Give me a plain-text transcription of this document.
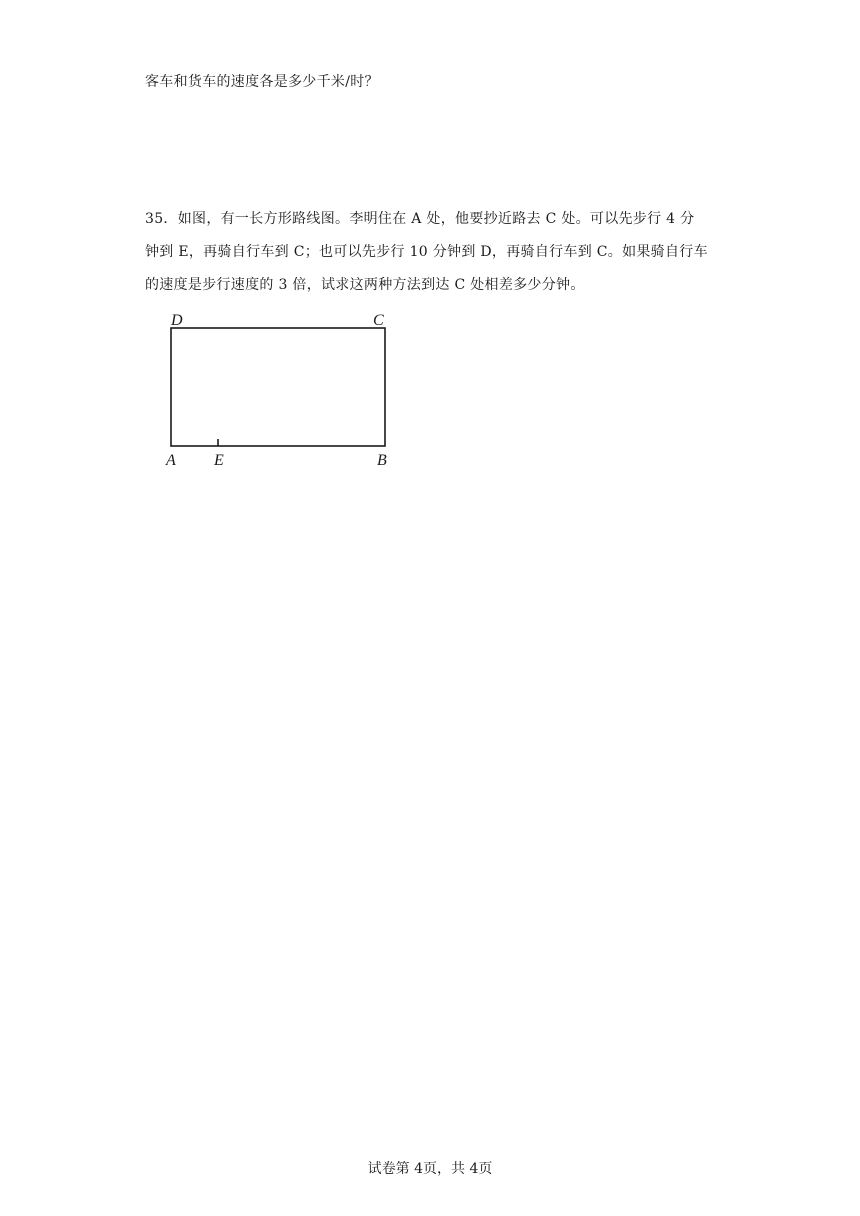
客车和货车的速度各是多少千米/时？
35．如图，有一长方形路线图。李明住在 A 处，他要抄近路去 C 处。可以先步行 4 分
钟到 E，再骑自行车到 C；也可以先步行 10 分钟到 D，再骑自行车到 C。如果骑自行车
的速度是步行速度的 3 倍，试求这两种方法到达 C 处相差多少分钟。
D	C
A E	B
试卷第 4页，共 4页
